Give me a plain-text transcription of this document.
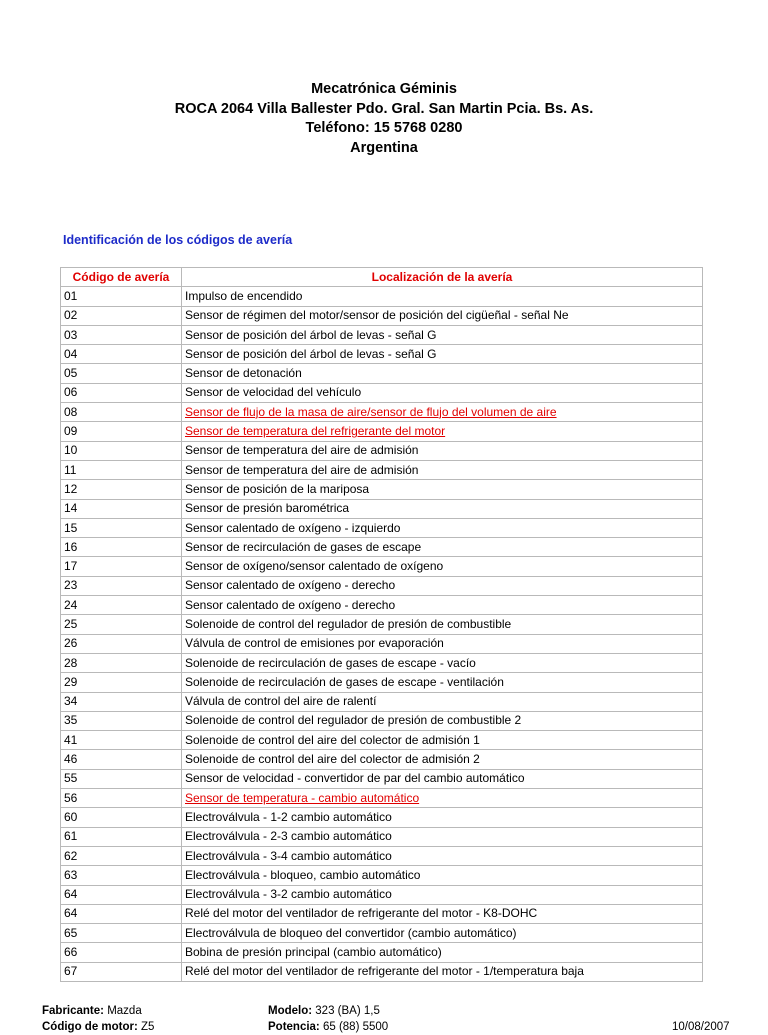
Mecatrónica Géminis
ROCA 2064 Villa Ballester Pdo. Gral. San Martin Pcia. Bs. As.
Teléfono: 15 5768 0280
Argentina
Identificación de los códigos de avería
Código de avería	Localización de la avería
01	Impulso de encendido
02	Sensor de régimen del motor/sensor de posición del cigüeñal - señal Ne
03	Sensor de posición del árbol de levas - señal G
04	Sensor de posición del árbol de levas - señal G
05	Sensor de detonación
06	Sensor de velocidad del vehículo
08	Sensor de flujo de la masa de aire/sensor de flujo del volumen de aire
09	Sensor de temperatura del refrigerante del motor
10	Sensor de temperatura del aire de admisión
11	Sensor de temperatura del aire de admisión
12	Sensor de posición de la mariposa
14	Sensor de presión barométrica
15	Sensor calentado de oxígeno - izquierdo
16	Sensor de recirculación de gases de escape
17	Sensor de oxígeno/sensor calentado de oxígeno
23	Sensor calentado de oxígeno - derecho
24	Sensor calentado de oxígeno - derecho
25	Solenoide de control del regulador de presión de combustible
26	Válvula de control de emisiones por evaporación
28	Solenoide de recirculación de gases de escape - vacío
29	Solenoide de recirculación de gases de escape - ventilación
34	Válvula de control del aire de ralentí
35	Solenoide de control del regulador de presión de combustible 2
41	Solenoide de control del aire del colector de admisión 1
46	Solenoide de control del aire del colector de admisión 2
55	Sensor de velocidad - convertidor de par del cambio automático
56	Sensor de temperatura - cambio automático
60	Electroválvula - 1-2 cambio automático
61	Electroválvula - 2-3 cambio automático
62	Electroválvula - 3-4 cambio automático
63	Electroválvula - bloqueo, cambio automático
64	Electroválvula - 3-2 cambio automático
64	Relé del motor del ventilador de refrigerante del motor - K8-DOHC
65	Electroválvula de bloqueo del convertidor (cambio automático)
66	Bobina de presión principal (cambio automático)
67	Relé del motor del ventilador de refrigerante del motor - 1/temperatura baja
Fabricante: Mazda	Modelo: 323 (BA) 1,5
Código de motor: Z5	Potencia: 65 (88) 5500	10/08/2007
